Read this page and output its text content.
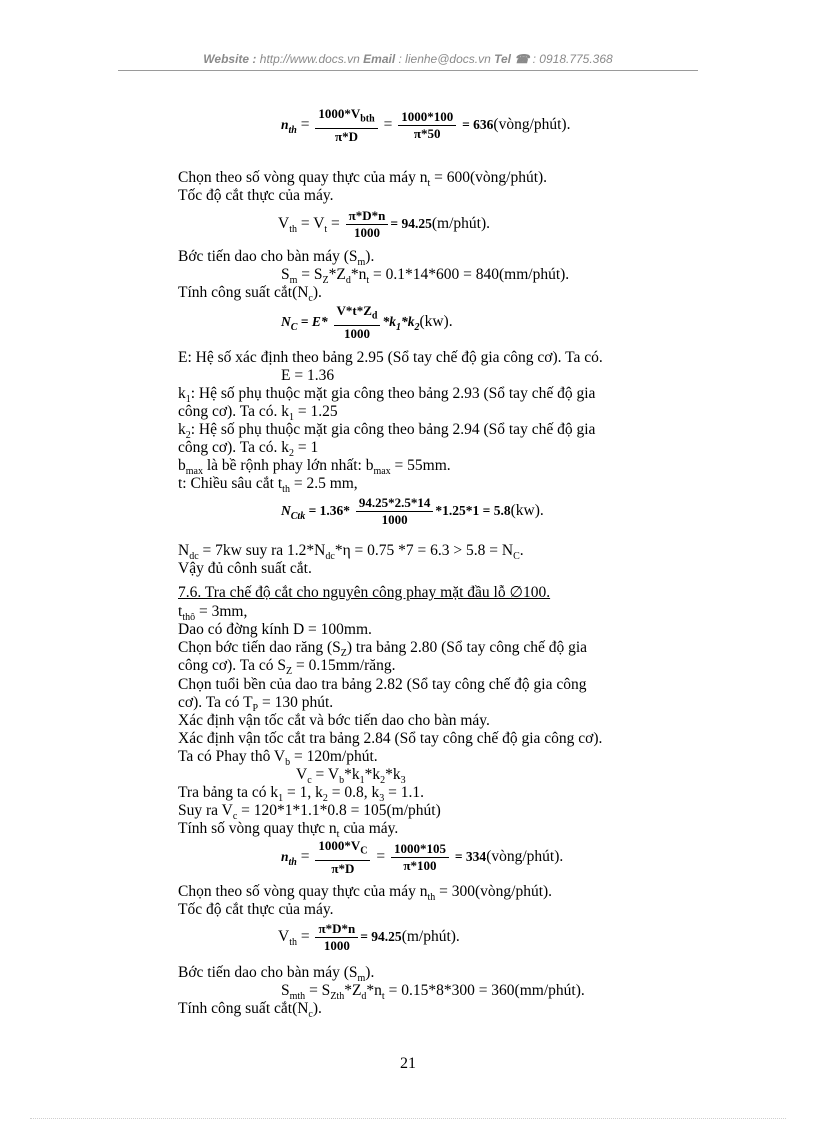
Website : http://www.docs.vn Email : lienhe@docs.vn Tel ☎ : 0918.775.368
$n_{th} = \frac{1000*V_{bth}}{\pi*D} = \frac{1000*100}{\pi*50}$ = 636(vòng/phút).
Chọn theo số vòng quay thực của máy $n_t$ = 600(vòng/phút).
Tốc độ cắt thực của máy.
$V_{th} = V_t = \frac{\pi*D*n}{1000}$ = 94.25(m/phút).
Bớc tiến dao cho bàn máy $(S_m)$.
$S_m = S_Z*Z_d*n_t = 0.1*14*600$ = 840(mm/phút).
Tính công suất $cắt(N_c)$.
$N_C = E* \frac{V*t*Z_d}{1000} *k_1*k_2(kw)$.
E: Hệ số xác định theo bảng 2.95 (Sổ tay chế độ gia công cơ). Ta có.
E = 1.36
$k_1$: Hệ số phụ thuộc mặt gia công theo bảng 2.93 (Sổ tay chế độ gia
công cơ). Ta có. $k_1 = 1.25$
$k_2$: Hệ số phụ thuộc mặt gia công theo bảng 2.94 (Sổ tay chế độ gia
công cơ). Ta có. $k_2 = 1$
$b_{max}$ là bề rộnh phay lớn nhất: $b_{max} = 55mm$.
t: Chiều sâu cắt $t_{th} = 2.5$ mm,
$N_{Ctk} = 1.36* \frac{94.25*2.5*14}{1000} *1.25*1 = 5.8(kw)$.
$N_{dc} = 7kw$ suy ra $1.2*N_{dc}*\eta = 0.75$ $*7 = 6.3 > 5.8 = N_C$.
Vậy đủ cônh suất cắt.
7.6. Tra chế độ cắt cho nguyên công phay mặt đầu lỗ ∅100.
$t_{thô} = 3mm$,
Dao có đờng kính D = 100mm.
Chọn bớc tiến dao răng $(S_Z)$ tra bảng 2.80 (Sổ tay công chế độ gia
công cơ). Ta có $S_Z$ = 0.15mm/răng.
Chọn tuổi bền của dao tra bảng 2.82 (Sổ tay công chế độ gia công
cơ). Ta có $T_P = 130$ phút.
Xác định vận tốc cắt và bớc tiến dao cho bàn máy.
Xác định vận tốc cắt tra bảng 2.84 (Sổ tay công chế độ gia công cơ).
Ta có Phay thô $V_b$ = 120m/phút.
$V_c = V_b*k_1*k_2*k_3$
Tra bảng ta có $k_1 = 1$, $k_2 = 0.8$, $k_3 = 1.1$.
Suy ra $V_c = 120*1*1.1*0.8$ = 105(m/phút)
Tính số vòng quay thực $n_t$ của máy.
$n_{th} = \frac{1000*V_C}{\pi*D} = \frac{1000*105}{\pi*100}$ = 334(vòng/phút).
Chọn theo số vòng quay thực của máy $n_{th}$ = 300(vòng/phút).
Tốc độ cắt thực của máy.
$V_{th} = \frac{\pi*D*n}{1000}$ = 94.25(m/phút).
Bớc tiến dao cho bàn máy $(S_m)$.
$S_{mth} = S_{Zth}*Z_d*n_t = 0.15*8*300$ = 360(mm/phút).
Tính công suất $cắt(N_c)$.
21
